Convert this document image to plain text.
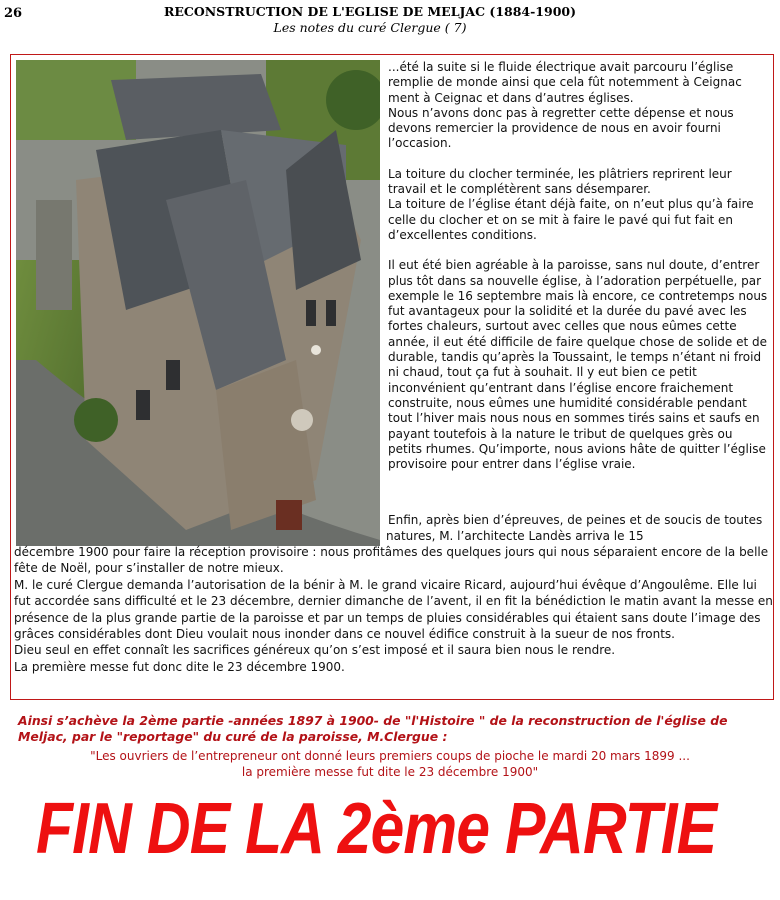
26	RECONSTRUCTION DE L'EGLISE DE MELJAC (1884-1900)
Les notes du curé Clergue ( 7)

...été la suite si le fluide électrique avait parcouru l’église remplie de monde ainsi que cela fût notemment à Ceignac ment à Ceignac et dans d’autres églises.

Nous n’avons donc pas à regretter cette dépense et nous devons remercier la providence de nous en avoir fourni l’occasion.

La toiture du clocher terminée, les plâtriers reprirent leur travail et le complétèrent sans désemparer.

La toiture de l’église étant déjà faite, on n’eut plus qu’à faire celle du clocher et on se mit à faire le pavé qui fut fait en d’excellentes conditions.

Il eut été bien agréable à la paroisse, sans nul doute, d’entrer plus tôt dans sa nouvelle église, à l’adoration perpétuelle, par exemple le 16 septembre mais là encore, ce contretemps nous fut avantageux pour la solidité et la durée du pavé avec les fortes chaleurs, surtout avec celles que nous eûmes cette année, il eut été difficile de faire quelque chose de solide et de durable, tandis qu’après la Toussaint, le temps n’étant ni froid ni chaud, tout ça fut à souhait. Il y eut bien ce petit inconvénient qu’entrant dans l’église encore fraichement construite, nous eûmes une humidité considérable pendant tout l’hiver mais nous nous en sommes tirés sains et saufs en payant toutefois à la nature le tribut de quelques grès ou petits rhumes. Qu’importe, nous avions hâte de quitter l’église provisoire pour entrer dans l’église vraie.

Enfin, après bien d’épreuves, de peines et de soucis de toutes natures, M. l’architecte Landès arriva le 15

décembre 1900 pour faire la réception provisoire : nous profitâmes des quelques jours qui nous séparaient encore de la belle fête de Noël, pour s’installer de notre mieux.

M. le curé Clergue demanda l’autorisation de la bénir à M. le grand vicaire Ricard, aujourd’hui évêque d’Angoulême. Elle lui fut accordée sans difficulté et le 23 décembre, dernier dimanche de l’avent, il en fit la bénédiction le matin avant la messe en présence de la plus grande partie de la paroisse et par un temps de pluies considérables qui étaient sans doute l’image des grâces considérables dont Dieu voulait nous inonder dans ce nouvel édifice construit à la sueur de nos fronts.

Dieu seul en effet connaît les sacrifices généreux qu’on s’est imposé et il saura bien nous le rendre.

La première messe fut donc dite le 23 décembre 1900.

Ainsi s’achève la 2ème partie -années 1897 à 1900- de "l'Histoire " de la reconstruction de l'église de Meljac, par le "reportage" du curé de la paroisse, M.Clergue :
"Les ouvriers de l’entrepreneur ont donné leurs premiers coups de pioche le mardi 20 mars 1899 ...
la première messe fut dite le 23 décembre 1900"
FIN DE LA 2ème PARTIE
